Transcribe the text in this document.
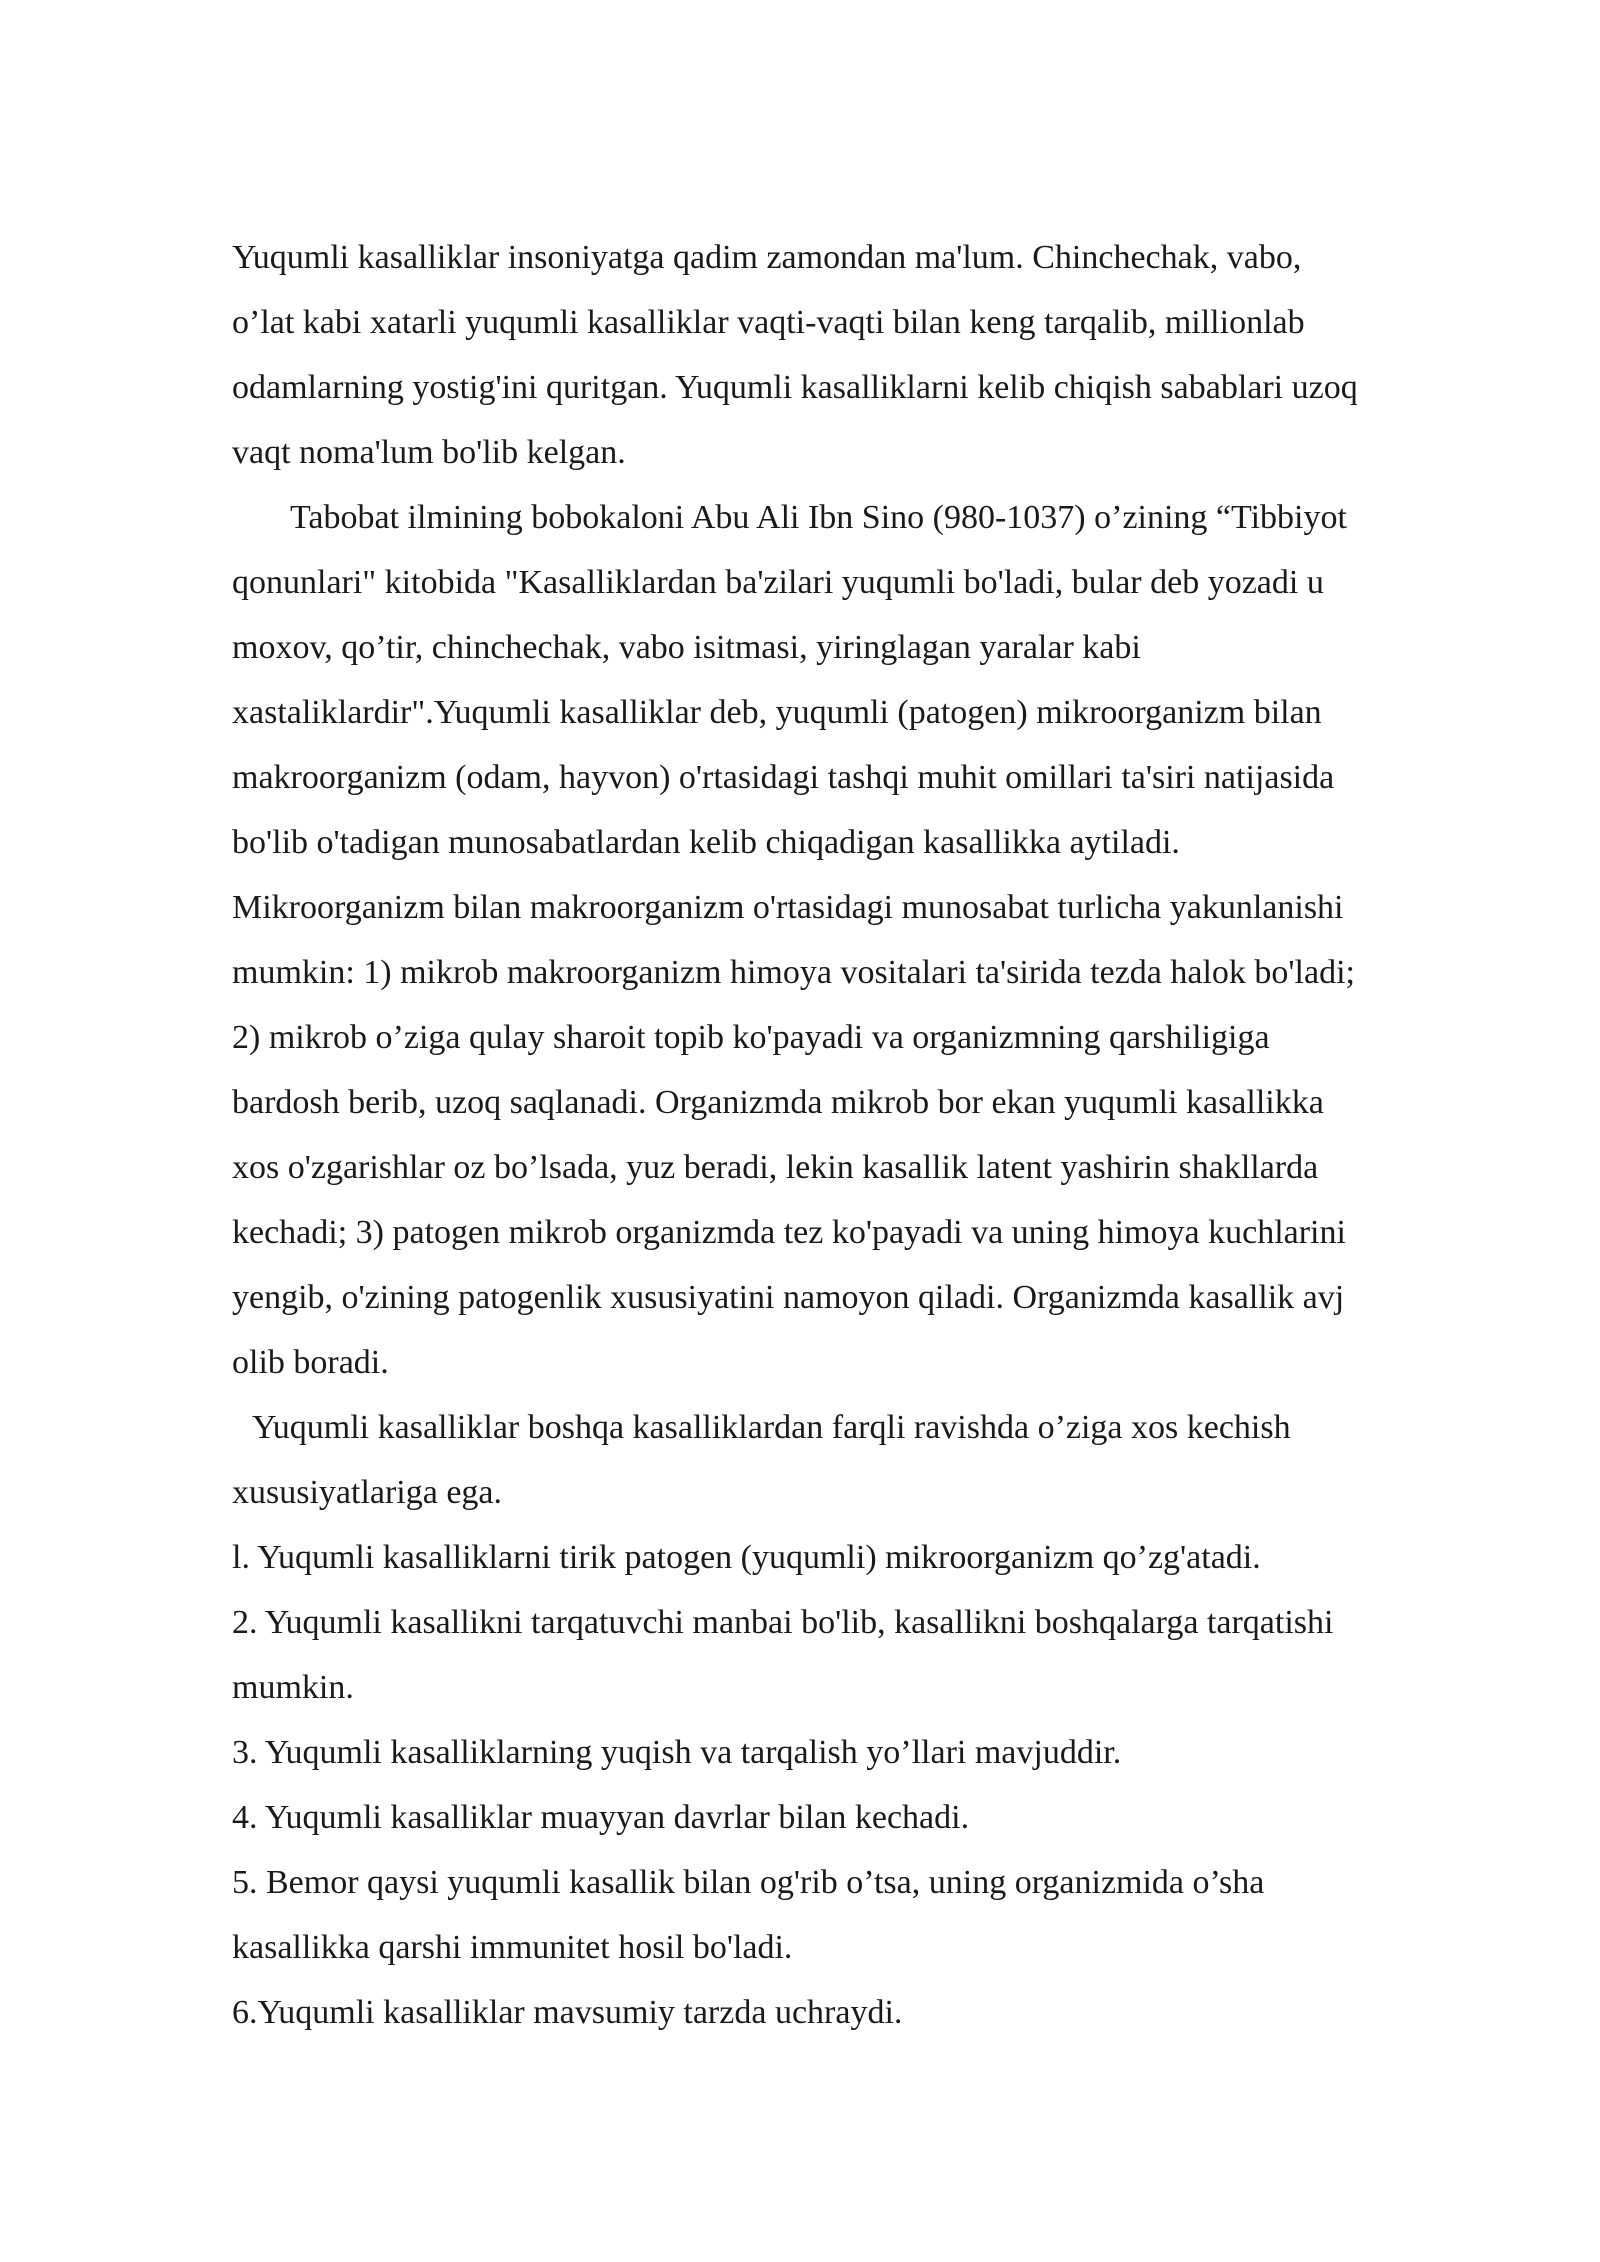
Yuqumli kasalliklar insoniyatga qadim zamondan ma'lum. Chinchechak, vabo,
o’lat kabi xatarli yuqumli kasalliklar vaqti-vaqti bilan keng tarqalib, millionlab
odamlarning yostig'ini quritgan. Yuqumli kasalliklarni kelib chiqish sabablari uzoq
vaqt noma'lum bo'lib kelgan.
Tabobat ilmining bobokaloni Abu Ali Ibn Sino (980-1037) o’zining “Tibbiyot
qonunlari" kitobida "Kasalliklardan ba'zilari yuqumli bo'ladi, bular deb yozadi u
moxov, qo’tir, chinchechak, vabo isitmasi, yiringlagan yaralar kabi
xastaliklardir".Yuqumli kasalliklar deb, yuqumli (patogen) mikroorganizm bilan
makroorganizm (odam, hayvon) o'rtasidagi tashqi muhit omillari ta'siri natijasida
bo'lib o'tadigan munosabatlardan kelib chiqadigan kasallikka aytiladi.
Mikroorganizm bilan makroorganizm o'rtasidagi munosabat turlicha yakunlanishi
mumkin: 1) mikrob makroorganizm himoya vositalari ta'sirida tezda halok bo'ladi;
2) mikrob o’ziga qulay sharoit topib ko'payadi va organizmning qarshiligiga
bardosh berib, uzoq saqlanadi. Organizmda mikrob bor ekan yuqumli kasallikka
xos o'zgarishlar oz bo’lsada, yuz beradi, lekin kasallik latent yashirin shakllarda
kechadi; 3) patogen mikrob organizmda tez ko'payadi va uning himoya kuchlarini
yengib, o'zining patogenlik xususiyatini namoyon qiladi. Organizmda kasallik avj
olib boradi.
Yuqumli kasalliklar boshqa kasalliklardan farqli ravishda o’ziga xos kechish
xususiyatlariga ega.
l. Yuqumli kasalliklarni tirik patogen (yuqumli) mikroorganizm qo’zg'atadi.
2. Yuqumli kasallikni tarqatuvchi manbai bo'lib, kasallikni boshqalarga tarqatishi
mumkin.
3. Yuqumli kasalliklarning yuqish va tarqalish yo’llari mavjuddir.
4. Yuqumli kasalliklar muayyan davrlar bilan kechadi.
5. Bemor qaysi yuqumli kasallik bilan og'rib o’tsa, uning organizmida o’sha
kasallikka qarshi immunitet hosil bo'ladi.
6.Yuqumli kasalliklar mavsumiy tarzda uchraydi.
